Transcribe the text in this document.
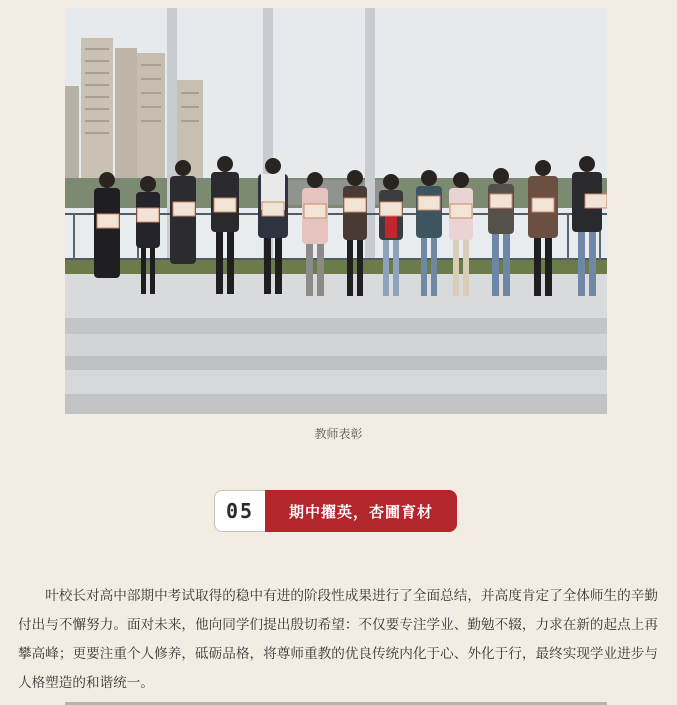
教师表彰
05	期中擢英，杏圃育材

叶校长对高中部期中考试取得的稳中有进的阶段性成果进行了全面总结，并高度肯定了全体师生的辛勤付出与不懈努力。面对未来，他向同学们提出殷切希望：不仅要专注学业、勤勉不辍，力求在新的起点上再攀高峰；更要注重个人修养，砥砺品格，将尊师重教的优良传统内化于心、外化于行，最终实现学业进步与人格塑造的和谐统一。
